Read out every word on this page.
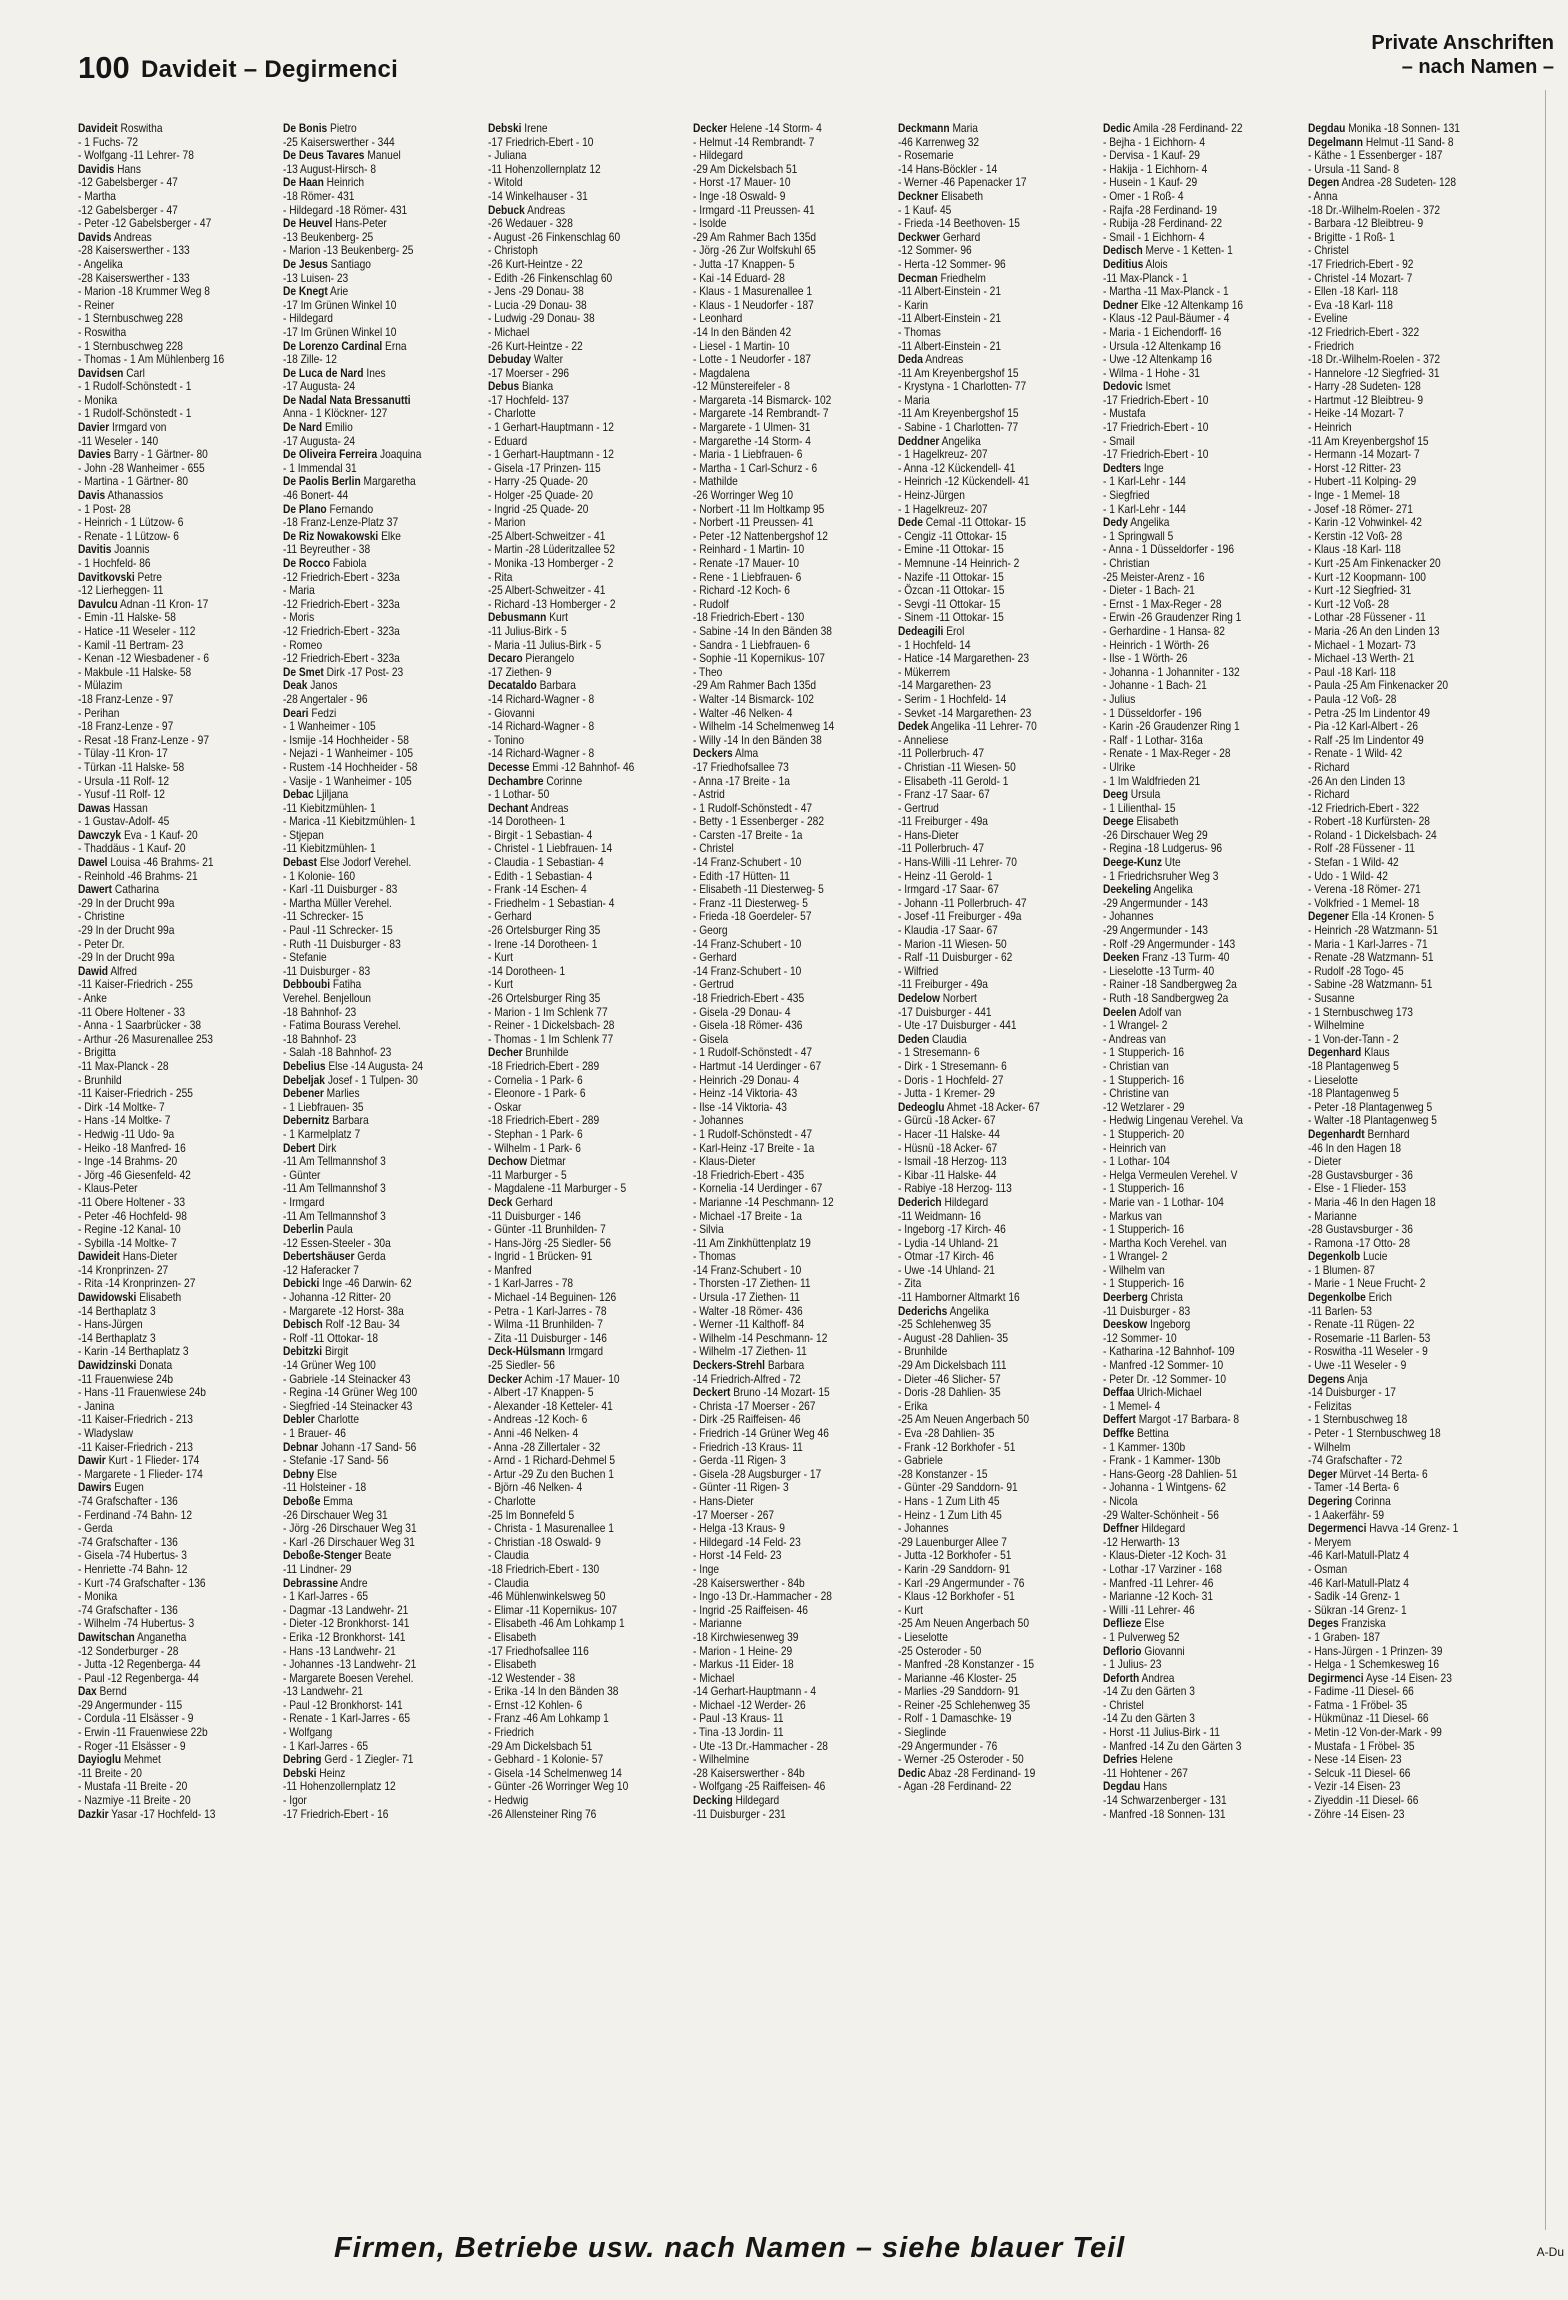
100 Davideit – Degirmenci
Private Anschriften
– nach Namen –
Davideit Roswitha
- 1 Fuchs- 72
- Wolfgang -11 Lehrer- 78
Davidis Hans
-12 Gabelsberger - 47
- Martha
-12 Gabelsberger - 47
- Peter -12 Gabelsberger - 47
Davids Andreas
-28 Kaiserswerther - 133
- Angelika
-28 Kaiserswerther - 133
- Marion -18 Krummer Weg 8
- Reiner
- 1 Sternbuschweg 228
- Roswitha
- 1 Sternbuschweg 228
- Thomas - 1 Am Mühlenberg 16
Davidsen Carl
- 1 Rudolf-Schönstedt - 1
- Monika
- 1 Rudolf-Schönstedt - 1
Davier Irmgard von
-11 Weseler - 140
Davies Barry - 1 Gärtner- 80
- John -28 Wanheimer - 655
- Martina - 1 Gärtner- 80
Davis Athanassios
- 1 Post- 28
- Heinrich - 1 Lützow- 6
- Renate - 1 Lützow- 6
Davitis Joannis
- 1 Hochfeld- 86
Davitkovski Petre
-12 Lierheggen- 11
Davulcu Adnan -11 Kron- 17
- Emin -11 Halske- 58
- Hatice -11 Weseler - 112
- Kamil -11 Bertram- 23
- Kenan -12 Wiesbadener - 6
- Makbule -11 Halske- 58
- Mülazim
-18 Franz-Lenze - 97
- Perihan
-18 Franz-Lenze - 97
- Resat -18 Franz-Lenze - 97
- Tülay -11 Kron- 17
- Türkan -11 Halske- 58
- Ursula -11 Rolf- 12
- Yusuf -11 Rolf- 12
Dawas Hassan
- 1 Gustav-Adolf- 45
Dawczyk Eva - 1 Kauf- 20
- Thaddäus - 1 Kauf- 20
Dawel Louisa -46 Brahms- 21
- Reinhold -46 Brahms- 21
Dawert Catharina
-29 In der Drucht 99a
- Christine
-29 In der Drucht 99a
- Peter Dr.
-29 In der Drucht 99a
Dawid Alfred
-11 Kaiser-Friedrich - 255
- Anke
-11 Obere Holtener - 33
- Anna - 1 Saarbrücker - 38
- Arthur -26 Masurenallee 253
- Brigitta
-11 Max-Planck - 28
- Brunhild
-11 Kaiser-Friedrich - 255
- Dirk -14 Moltke- 7
- Hans -14 Moltke- 7
- Hedwig -11 Udo- 9a
- Heiko -18 Manfred- 16
- Inge -14 Brahms- 20
- Jörg -46 Giesenfeld- 42
- Klaus-Peter
-11 Obere Holtener - 33
- Peter -46 Hochfeld- 98
- Regine -12 Kanal- 10
- Sybilla -14 Moltke- 7
Dawideit Hans-Dieter
-14 Kronprinzen- 27
- Rita -14 Kronprinzen- 27
Dawidowski Elisabeth
-14 Berthaplatz 3
- Hans-Jürgen
-14 Berthaplatz 3
- Karin -14 Berthaplatz 3
Dawidzinski Donata
-11 Frauenwiese 24b
- Hans -11 Frauenwiese 24b
- Janina
-11 Kaiser-Friedrich - 213
- Wladyslaw
-11 Kaiser-Friedrich - 213
Dawir Kurt - 1 Flieder- 174
- Margarete - 1 Flieder- 174
Dawirs Eugen
-74 Grafschafter - 136
- Ferdinand -74 Bahn- 12
- Gerda
-74 Grafschafter - 136
- Gisela -74 Hubertus- 3
- Henriette -74 Bahn- 12
- Kurt -74 Grafschafter - 136
- Monika
-74 Grafschafter - 136
- Wilhelm -74 Hubertus- 3
Dawitschan Anganetha
-12 Sonderburger - 28
- Jutta -12 Regenberga- 44
- Paul -12 Regenberga- 44
Dax Bernd
-29 Angermunder - 115
- Cordula -11 Elsässer - 9
- Erwin -11 Frauenwiese 22b
- Roger -11 Elsässer - 9
Dayioglu Mehmet
-11 Breite - 20
- Mustafa -11 Breite - 20
- Nazmiye -11 Breite - 20
Dazkir Yasar -17 Hochfeld- 13
De Bonis Pietro
-25 Kaiserswerther - 344
De Deus Tavares Manuel
-13 August-Hirsch- 8
De Haan Heinrich
-18 Römer- 431
- Hildegard -18 Römer- 431
De Heuvel Hans-Peter
-13 Beukenberg- 25
- Marion -13 Beukenberg- 25
De Jesus Santiago
-13 Luisen- 23
De Knegt Arie
-17 Im Grünen Winkel 10
- Hildegard
-17 Im Grünen Winkel 10
De Lorenzo Cardinal Erna
-18 Zille- 12
De Luca de Nard Ines
-17 Augusta- 24
De Nadal Nata Bressanutti
Anna - 1 Klöckner- 127
De Nard Emilio
-17 Augusta- 24
De Oliveira Ferreira Joaquina
- 1 Immendal 31
De Paolis Berlin Margaretha
-46 Bonert- 44
De Plano Fernando
-18 Franz-Lenze-Platz 37
De Riz Nowakowski Elke
-11 Beyreuther - 38
De Rocco Fabiola
-12 Friedrich-Ebert - 323a
- Maria
-12 Friedrich-Ebert - 323a
- Moris
-12 Friedrich-Ebert - 323a
- Romeo
-12 Friedrich-Ebert - 323a
De Smet Dirk -17 Post- 23
Deak Janos
-28 Angertaler - 96
Deari Fedzi
- 1 Wanheimer - 105
- Ismije -14 Hochheider - 58
- Nejazi - 1 Wanheimer - 105
- Rustem -14 Hochheider - 58
- Vasije - 1 Wanheimer - 105
Debac Ljiljana
-11 Kiebitzmühlen- 1
- Marica -11 Kiebitzmühlen- 1
- Stjepan
-11 Kiebitzmühlen- 1
Debast Else Jodorf Verehel.
- 1 Kolonie- 160
- Karl -11 Duisburger - 83
- Martha Müller Verehel.
-11 Schrecker- 15
- Paul -11 Schrecker- 15
- Ruth -11 Duisburger - 83
- Stefanie
-11 Duisburger - 83
Debboubi Fatiha
Verehel. Benjelloun
-18 Bahnhof- 23
- Fatima Bourass Verehel.
-18 Bahnhof- 23
- Salah -18 Bahnhof- 23
Debelius Else -14 Augusta- 24
Debeljak Josef - 1 Tulpen- 30
Debener Marlies
- 1 Liebfrauen- 35
Debernitz Barbara
- 1 Karmelplatz 7
Debert Dirk
-11 Am Tellmannshof 3
- Günter
-11 Am Tellmannshof 3
- Irmgard
-11 Am Tellmannshof 3
Deberlin Paula
-12 Essen-Steeler - 30a
Debertshäuser Gerda
-12 Haferacker 7
Debicki Inge -46 Darwin- 62
- Johanna -12 Ritter- 20
- Margarete -12 Horst- 38a
Debisch Rolf -12 Bau- 34
- Rolf -11 Ottokar- 18
Debitzki Birgit
-14 Grüner Weg 100
- Gabriele -14 Steinacker 43
- Regina -14 Grüner Weg 100
- Siegfried -14 Steinacker 43
Debler Charlotte
- 1 Brauer- 46
Debnar Johann -17 Sand- 56
- Stefanie -17 Sand- 56
Debny Else
-11 Holsteiner - 18
Deboße Emma
-26 Dirschauer Weg 31
- Jörg -26 Dirschauer Weg 31
- Karl -26 Dirschauer Weg 31
Deboße-Stenger Beate
-11 Lindner- 29
Debrassine Andre
- 1 Karl-Jarres - 65
- Dagmar -13 Landwehr- 21
- Dieter -12 Bronkhorst- 141
- Erika -12 Bronkhorst- 141
- Hans -13 Landwehr- 21
- Johannes -13 Landwehr- 21
- Margarete Boesen Verehel.
-13 Landwehr- 21
- Paul -12 Bronkhorst- 141
- Renate - 1 Karl-Jarres - 65
- Wolfgang
- 1 Karl-Jarres - 65
Debring Gerd - 1 Ziegler- 71
Debski Heinz
-11 Hohenzollernplatz 12
- Igor
-17 Friedrich-Ebert - 16
Debski Irene
-17 Friedrich-Ebert - 10
- Juliana
-11 Hohenzollernplatz 12
- Witold
-14 Winkelhauser - 31
Debuck Andreas
-26 Wedauer - 328
- August -26 Finkenschlag 60
- Christoph
-26 Kurt-Heintze - 22
- Edith -26 Finkenschlag 60
- Jens -29 Donau- 38
- Lucia -29 Donau- 38
- Ludwig -29 Donau- 38
- Michael
-26 Kurt-Heintze - 22
Debuday Walter
-17 Moerser - 296
Debus Bianka
-17 Hochfeld- 137
- Charlotte
- 1 Gerhart-Hauptmann - 12
- Eduard
- 1 Gerhart-Hauptmann - 12
- Gisela -17 Prinzen- 115
- Harry -25 Quade- 20
- Holger -25 Quade- 20
- Ingrid -25 Quade- 20
- Marion
-25 Albert-Schweitzer - 41
- Martin -28 Lüderitzallee 52
- Monika -13 Homberger - 2
- Rita
-25 Albert-Schweitzer - 41
- Richard -13 Homberger - 2
Debusmann Kurt
-11 Julius-Birk - 5
- Maria -11 Julius-Birk - 5
Decaro Pierangelo
-17 Ziethen- 9
Decataldo Barbara
-14 Richard-Wagner - 8
- Giovanni
-14 Richard-Wagner - 8
- Tonino
-14 Richard-Wagner - 8
Decesse Emmi -12 Bahnhof- 46
Dechambre Corinne
- 1 Lothar- 50
Dechant Andreas
-14 Dorotheen- 1
- Birgit - 1 Sebastian- 4
- Christel - 1 Liebfrauen- 14
- Claudia - 1 Sebastian- 4
- Edith - 1 Sebastian- 4
- Frank -14 Eschen- 4
- Friedhelm - 1 Sebastian- 4
- Gerhard
-26 Ortelsburger Ring 35
- Irene -14 Dorotheen- 1
- Kurt
-14 Dorotheen- 1
- Kurt
-26 Ortelsburger Ring 35
- Marion - 1 Im Schlenk 77
- Reiner - 1 Dickelsbach- 28
- Thomas - 1 Im Schlenk 77
Decher Brunhilde
-18 Friedrich-Ebert - 289
- Cornelia - 1 Park- 6
- Eleonore - 1 Park- 6
- Oskar
-18 Friedrich-Ebert - 289
- Stephan - 1 Park- 6
- Wilhelm - 1 Park- 6
Dechow Dietmar
-11 Marburger - 5
- Magdalene -11 Marburger - 5
Deck Gerhard
-11 Duisburger - 146
- Günter -11 Brunhilden- 7
- Hans-Jörg -25 Siedler- 56
- Ingrid - 1 Brücken- 91
- Manfred
- 1 Karl-Jarres - 78
- Michael -14 Beguinen- 126
- Petra - 1 Karl-Jarres - 78
- Wilma -11 Brunhilden- 7
- Zita -11 Duisburger - 146
Deck-Hülsmann Irmgard
-25 Siedler- 56
Decker Achim -17 Mauer- 10
- Albert -17 Knappen- 5
- Alexander -18 Ketteler- 41
- Andreas -12 Koch- 6
- Anni -46 Nelken- 4
- Anna -28 Zillertaler - 32
- Arnd - 1 Richard-Dehmel 5
- Artur -29 Zu den Buchen 1
- Björn -46 Nelken- 4
- Charlotte
-25 Im Bonnefeld 5
- Christa - 1 Masurenallee 1
- Christian -18 Oswald- 9
- Claudia
-18 Friedrich-Ebert - 130
- Claudia
-46 Mühlenwinkelsweg 50
- Elimar -11 Kopernikus- 107
- Elisabeth -46 Am Lohkamp 1
- Elisabeth
-17 Friedhofsallee 116
- Elisabeth
-12 Westender - 38
- Erika -14 In den Bänden 38
- Ernst -12 Kohlen- 6
- Franz -46 Am Lohkamp 1
- Friedrich
-29 Am Dickelsbach 51
- Gebhard - 1 Kolonie- 57
- Gisela -14 Schelmenweg 14
- Günter -26 Worringer Weg 10
- Hedwig
-26 Allensteiner Ring 76
Decker Helene -14 Storm- 4
- Helmut -14 Rembrandt- 7
- Hildegard
-29 Am Dickelsbach 51
- Horst -17 Mauer- 10
- Inge -18 Oswald- 9
- Irmgard -11 Preussen- 41
- Isolde
-29 Am Rahmer Bach 135d
- Jörg -26 Zur Wolfskuhl 65
- Jutta -17 Knappen- 5
- Kai -14 Eduard- 28
- Klaus - 1 Masurenallee 1
- Klaus - 1 Neudorfer - 187
- Leonhard
-14 In den Bänden 42
- Liesel - 1 Martin- 10
- Lotte - 1 Neudorfer - 187
- Magdalena
-12 Münstereifeler - 8
- Margareta -14 Bismarck- 102
- Margarete -14 Rembrandt- 7
- Margarete - 1 Ulmen- 31
- Margarethe -14 Storm- 4
- Maria - 1 Liebfrauen- 6
- Martha - 1 Carl-Schurz - 6
- Mathilde
-26 Worringer Weg 10
- Norbert -11 Im Holtkamp 95
- Norbert -11 Preussen- 41
- Peter -12 Nattenbergshof 12
- Reinhard - 1 Martin- 10
- Renate -17 Mauer- 10
- Rene - 1 Liebfrauen- 6
- Richard -12 Koch- 6
- Rudolf
-18 Friedrich-Ebert - 130
- Sabine -14 In den Bänden 38
- Sandra - 1 Liebfrauen- 6
- Sophie -11 Kopernikus- 107
- Theo
-29 Am Rahmer Bach 135d
- Walter -14 Bismarck- 102
- Walter -46 Nelken- 4
- Wilhelm -14 Schelmenweg 14
- Willy -14 In den Bänden 38
Deckers Alma
-17 Friedhofsallee 73
- Anna -17 Breite - 1a
- Astrid
- 1 Rudolf-Schönstedt - 47
- Betty - 1 Essenberger - 282
- Carsten -17 Breite - 1a
- Christel
-14 Franz-Schubert - 10
- Edith -17 Hütten- 11
- Elisabeth -11 Diesterweg- 5
- Franz -11 Diesterweg- 5
- Frieda -18 Goerdeler- 57
- Georg
-14 Franz-Schubert - 10
- Gerhard
-14 Franz-Schubert - 10
- Gertrud
-18 Friedrich-Ebert - 435
- Gisela -29 Donau- 4
- Gisela -18 Römer- 436
- Gisela
- 1 Rudolf-Schönstedt - 47
- Hartmut -14 Uerdinger - 67
- Heinrich -29 Donau- 4
- Heinz -14 Viktoria- 43
- Ilse -14 Viktoria- 43
- Johannes
- 1 Rudolf-Schönstedt - 47
- Karl-Heinz -17 Breite - 1a
- Klaus-Dieter
-18 Friedrich-Ebert - 435
- Kornelia -14 Uerdinger - 67
- Marianne -14 Peschmann- 12
- Michael -17 Breite - 1a
- Silvia
-11 Am Zinkhüttenplatz 19
- Thomas
-14 Franz-Schubert - 10
- Thorsten -17 Ziethen- 11
- Ursula -17 Ziethen- 11
- Walter -18 Römer- 436
- Werner -11 Kalthoff- 84
- Wilhelm -14 Peschmann- 12
- Wilhelm -17 Ziethen- 11
Deckers-Strehl Barbara
-14 Friedrich-Alfred - 72
Deckert Bruno -14 Mozart- 15
- Christa -17 Moerser - 267
- Dirk -25 Raiffeisen- 46
- Friedrich -14 Grüner Weg 46
- Friedrich -13 Kraus- 11
- Gerda -11 Rigen- 3
- Gisela -28 Augsburger - 17
- Günter -11 Rigen- 3
- Hans-Dieter
-17 Moerser - 267
- Helga -13 Kraus- 9
- Hildegard -14 Feld- 23
- Horst -14 Feld- 23
- Inge
-28 Kaiserswerther - 84b
- Ingo -13 Dr.-Hammacher - 28
- Ingrid -25 Raiffeisen- 46
- Marianne
-18 Kirchwiesenweg 39
- Marion - 1 Heine- 29
- Markus -11 Eider- 18
- Michael
-14 Gerhart-Hauptmann - 4
- Michael -12 Werder- 26
- Paul -13 Kraus- 11
- Tina -13 Jordin- 11
- Ute -13 Dr.-Hammacher - 28
- Wilhelmine
-28 Kaiserswerther - 84b
- Wolfgang -25 Raiffeisen- 46
Decking Hildegard
-11 Duisburger - 231
Deckmann Maria
-46 Karrenweg 32
- Rosemarie
-14 Hans-Böckler - 14
- Werner -46 Papenacker 17
Deckner Elisabeth
- 1 Kauf- 45
- Frieda -14 Beethoven- 15
Deckwer Gerhard
-12 Sommer- 96
- Herta -12 Sommer- 96
Decman Friedhelm
-11 Albert-Einstein - 21
- Karin
-11 Albert-Einstein - 21
- Thomas
-11 Albert-Einstein - 21
Deda Andreas
-11 Am Kreyenbergshof 15
- Krystyna - 1 Charlotten- 77
- Maria
-11 Am Kreyenbergshof 15
- Sabine - 1 Charlotten- 77
Deddner Angelika
- 1 Hagelkreuz- 207
- Anna -12 Kückendell- 41
- Heinrich -12 Kückendell- 41
- Heinz-Jürgen
- 1 Hagelkreuz- 207
Dede Cemal -11 Ottokar- 15
- Cengiz -11 Ottokar- 15
- Emine -11 Ottokar- 15
- Memnune -14 Heinrich- 2
- Nazife -11 Ottokar- 15
- Özcan -11 Ottokar- 15
- Sevgi -11 Ottokar- 15
- Sinem -11 Ottokar- 15
Dedeagili Erol
- 1 Hochfeld- 14
- Hatice -14 Margarethen- 23
- Mükerrem
-14 Margarethen- 23
- Serim - 1 Hochfeld- 14
- Sevket -14 Margarethen- 23
Dedek Angelika -11 Lehrer- 70
- Anneliese
-11 Pollerbruch- 47
- Christian -11 Wiesen- 50
- Elisabeth -11 Gerold- 1
- Franz -17 Saar- 67
- Gertrud
-11 Freiburger - 49a
- Hans-Dieter
-11 Pollerbruch- 47
- Hans-Willi -11 Lehrer- 70
- Heinz -11 Gerold- 1
- Irmgard -17 Saar- 67
- Johann -11 Pollerbruch- 47
- Josef -11 Freiburger - 49a
- Klaudia -17 Saar- 67
- Marion -11 Wiesen- 50
- Ralf -11 Duisburger - 62
- Wilfried
-11 Freiburger - 49a
Dedelow Norbert
-17 Duisburger - 441
- Ute -17 Duisburger - 441
Deden Claudia
- 1 Stresemann- 6
- Dirk - 1 Stresemann- 6
- Doris - 1 Hochfeld- 27
- Jutta - 1 Kremer- 29
Dedeoglu Ahmet -18 Acker- 67
- Gürcü -18 Acker- 67
- Hacer -11 Halske- 44
- Hüsnü -18 Acker- 67
- Ismail -18 Herzog- 113
- Kibar -11 Halske- 44
- Rabiye -18 Herzog- 113
Dederich Hildegard
-11 Weidmann- 16
- Ingeborg -17 Kirch- 46
- Lydia -14 Uhland- 21
- Otmar -17 Kirch- 46
- Uwe -14 Uhland- 21
- Zita
-11 Hamborner Altmarkt 16
Dederichs Angelika
-25 Schlehenweg 35
- August -28 Dahlien- 35
- Brunhilde
-29 Am Dickelsbach 111
- Dieter -46 Slicher- 57
- Doris -28 Dahlien- 35
- Erika
-25 Am Neuen Angerbach 50
- Eva -28 Dahlien- 35
- Frank -12 Borkhofer - 51
- Gabriele
-28 Konstanzer - 15
- Günter -29 Sanddorn- 91
- Hans - 1 Zum Lith 45
- Heinz - 1 Zum Lith 45
- Johannes
-29 Lauenburger Allee 7
- Jutta -12 Borkhofer - 51
- Karin -29 Sanddorn- 91
- Karl -29 Angermunder - 76
- Klaus -12 Borkhofer - 51
- Kurt
-25 Am Neuen Angerbach 50
- Lieselotte
-25 Osteroder - 50
- Manfred -28 Konstanzer - 15
- Marianne -46 Kloster- 25
- Marlies -29 Sanddorn- 91
- Reiner -25 Schlehenweg 35
- Rolf - 1 Damaschke- 19
- Sieglinde
-29 Angermunder - 76
- Werner -25 Osteroder - 50
Dedic Abaz -28 Ferdinand- 19
- Agan -28 Ferdinand- 22
Dedic Amila -28 Ferdinand- 22
- Bejha - 1 Eichhorn- 4
- Dervisa - 1 Kauf- 29
- Hakija - 1 Eichhorn- 4
- Husein - 1 Kauf- 29
- Omer - 1 Roß- 4
- Rajfa -28 Ferdinand- 19
- Rubija -28 Ferdinand- 22
- Smail - 1 Eichhorn- 4
Dedisch Merve - 1 Ketten- 1
Deditius Alois
-11 Max-Planck - 1
- Martha -11 Max-Planck - 1
Dedner Elke -12 Altenkamp 16
- Klaus -12 Paul-Bäumer - 4
- Maria - 1 Eichendorff- 16
- Ursula -12 Altenkamp 16
- Uwe -12 Altenkamp 16
- Wilma - 1 Hohe - 31
Dedovic Ismet
-17 Friedrich-Ebert - 10
- Mustafa
-17 Friedrich-Ebert - 10
- Smail
-17 Friedrich-Ebert - 10
Dedters Inge
- 1 Karl-Lehr - 144
- Siegfried
- 1 Karl-Lehr - 144
Dedy Angelika
- 1 Springwall 5
- Anna - 1 Düsseldorfer - 196
- Christian
-25 Meister-Arenz - 16
- Dieter - 1 Bach- 21
- Ernst - 1 Max-Reger - 28
- Erwin -26 Graudenzer Ring 1
- Gerhardine - 1 Hansa- 82
- Heinrich - 1 Wörth- 26
- Ilse - 1 Wörth- 26
- Johanna - 1 Johanniter - 132
- Johanne - 1 Bach- 21
- Julius
- 1 Düsseldorfer - 196
- Karin -26 Graudenzer Ring 1
- Ralf - 1 Lothar- 316a
- Renate - 1 Max-Reger - 28
- Ulrike
- 1 Im Waldfrieden 21
Deeg Ursula
- 1 Lilienthal- 15
Deege Elisabeth
-26 Dirschauer Weg 29
- Regina -18 Ludgerus- 96
Deege-Kunz Ute
- 1 Friedrichsruher Weg 3
Deekeling Angelika
-29 Angermunder - 143
- Johannes
-29 Angermunder - 143
- Rolf -29 Angermunder - 143
Deeken Franz -13 Turm- 40
- Lieselotte -13 Turm- 40
- Rainer -18 Sandbergweg 2a
- Ruth -18 Sandbergweg 2a
Deelen Adolf van
- 1 Wrangel- 2
- Andreas van
- 1 Stupperich- 16
- Christian van
- 1 Stupperich- 16
- Christine van
-12 Wetzlarer - 29
- Hedwig Lingenau Verehel. Va
- 1 Stupperich- 20
- Heinrich van
- 1 Lothar- 104
- Helga Vermeulen Verehel. V
- 1 Stupperich- 16
- Marie van - 1 Lothar- 104
- Markus van
- 1 Stupperich- 16
- Martha Koch Verehel. van
- 1 Wrangel- 2
- Wilhelm van
- 1 Stupperich- 16
Deerberg Christa
-11 Duisburger - 83
Deeskow Ingeborg
-12 Sommer- 10
- Katharina -12 Bahnhof- 109
- Manfred -12 Sommer- 10
- Peter Dr. -12 Sommer- 10
Deffaa Ulrich-Michael
- 1 Memel- 4
Deffert Margot -17 Barbara- 8
Deffke Bettina
- 1 Kammer- 130b
- Frank - 1 Kammer- 130b
- Hans-Georg -28 Dahlien- 51
- Johanna - 1 Wintgens- 62
- Nicola
-29 Walter-Schönheit - 56
Deffner Hildegard
-12 Herwarth- 13
- Klaus-Dieter -12 Koch- 31
- Lothar -17 Varziner - 168
- Manfred -11 Lehrer- 46
- Marianne -12 Koch- 31
- Willi -11 Lehrer- 46
Deflieze Else
- 1 Pulverweg 52
Deflorio Giovanni
- 1 Julius- 23
Deforth Andrea
-14 Zu den Gärten 3
- Christel
-14 Zu den Gärten 3
- Horst -11 Julius-Birk - 11
- Manfred -14 Zu den Gärten 3
Defries Helene
-11 Hohtener - 267
Degdau Hans
-14 Schwarzenberger - 131
- Manfred -18 Sonnen- 131
Degdau Monika -18 Sonnen- 131
Degelmann Helmut -11 Sand- 8
- Käthe - 1 Essenberger - 187
- Ursula -11 Sand- 8
Degen Andrea -28 Sudeten- 128
- Anna
-18 Dr.-Wilhelm-Roelen - 372
- Barbara -12 Bleibtreu- 9
- Brigitte - 1 Roß- 1
- Christel
-17 Friedrich-Ebert - 92
- Christel -14 Mozart- 7
- Ellen -18 Karl- 118
- Eva -18 Karl- 118
- Eveline
-12 Friedrich-Ebert - 322
- Friedrich
-18 Dr.-Wilhelm-Roelen - 372
- Hannelore -12 Siegfried- 31
- Harry -28 Sudeten- 128
- Hartmut -12 Bleibtreu- 9
- Heike -14 Mozart- 7
- Heinrich
-11 Am Kreyenbergshof 15
- Hermann -14 Mozart- 7
- Horst -12 Ritter- 23
- Hubert -11 Kolping- 29
- Inge - 1 Memel- 18
- Josef -18 Römer- 271
- Karin -12 Vohwinkel- 42
- Kerstin -12 Voß- 28
- Klaus -18 Karl- 118
- Kurt -25 Am Finkenacker 20
- Kurt -12 Koopmann- 100
- Kurt -12 Siegfried- 31
- Kurt -12 Voß- 28
- Lothar -28 Füssener - 11
- Maria -26 An den Linden 13
- Michael - 1 Mozart- 73
- Michael -13 Werth- 21
- Paul -18 Karl- 118
- Paula -25 Am Finkenacker 20
- Paula -12 Voß- 28
- Petra -25 Im Lindentor 49
- Pia -12 Karl-Albert - 26
- Ralf -25 Im Lindentor 49
- Renate - 1 Wild- 42
- Richard
-26 An den Linden 13
- Richard
-12 Friedrich-Ebert - 322
- Robert -18 Kurfürsten- 28
- Roland - 1 Dickelsbach- 24
- Rolf -28 Füssener - 11
- Stefan - 1 Wild- 42
- Udo - 1 Wild- 42
- Verena -18 Römer- 271
- Volkfried - 1 Memel- 18
Degener Ella -14 Kronen- 5
- Heinrich -28 Watzmann- 51
- Maria - 1 Karl-Jarres - 71
- Renate -28 Watzmann- 51
- Rudolf -28 Togo- 45
- Sabine -28 Watzmann- 51
- Susanne
- 1 Sternbuschweg 173
- Wilhelmine
- 1 Von-der-Tann - 2
Degenhard Klaus
-18 Plantagenweg 5
- Lieselotte
-18 Plantagenweg 5
- Peter -18 Plantagenweg 5
- Walter -18 Plantagenweg 5
Degenhardt Bernhard
-46 In den Hagen 18
- Dieter
-28 Gustavsburger - 36
- Else - 1 Flieder- 153
- Maria -46 In den Hagen 18
- Marianne
-28 Gustavsburger - 36
- Ramona -17 Otto- 28
Degenkolb Lucie
- 1 Blumen- 87
- Marie - 1 Neue Frucht- 2
Degenkolbe Erich
-11 Barlen- 53
- Renate -11 Rügen- 22
- Rosemarie -11 Barlen- 53
- Roswitha -11 Weseler - 9
- Uwe -11 Weseler - 9
Degens Anja
-14 Duisburger - 17
- Felizitas
- 1 Sternbuschweg 18
- Peter - 1 Sternbuschweg 18
- Wilhelm
-74 Grafschafter - 72
Deger Mürvet -14 Berta- 6
- Tamer -14 Berta- 6
Degering Corinna
- 1 Aakerfähr- 59
Degermenci Havva -14 Grenz- 1
- Meryem
-46 Karl-Matull-Platz 4
- Osman
-46 Karl-Matull-Platz 4
- Sadik -14 Grenz- 1
- Sükran -14 Grenz- 1
Deges Franziska
- 1 Graben- 187
- Hans-Jürgen - 1 Prinzen- 39
- Helga - 1 Schemkesweg 16
Degirmenci Ayse -14 Eisen- 23
- Fadime -11 Diesel- 66
- Fatma - 1 Fröbel- 35
- Hükmünaz -11 Diesel- 66
- Metin -12 Von-der-Mark - 99
- Mustafa - 1 Fröbel- 35
- Nese -14 Eisen- 23
- Selcuk -11 Diesel- 66
- Vezir -14 Eisen- 23
- Ziyeddin -11 Diesel- 66
- Zöhre -14 Eisen- 23
Firmen, Betriebe usw. nach Namen – siehe blauer Teil	A-Du
